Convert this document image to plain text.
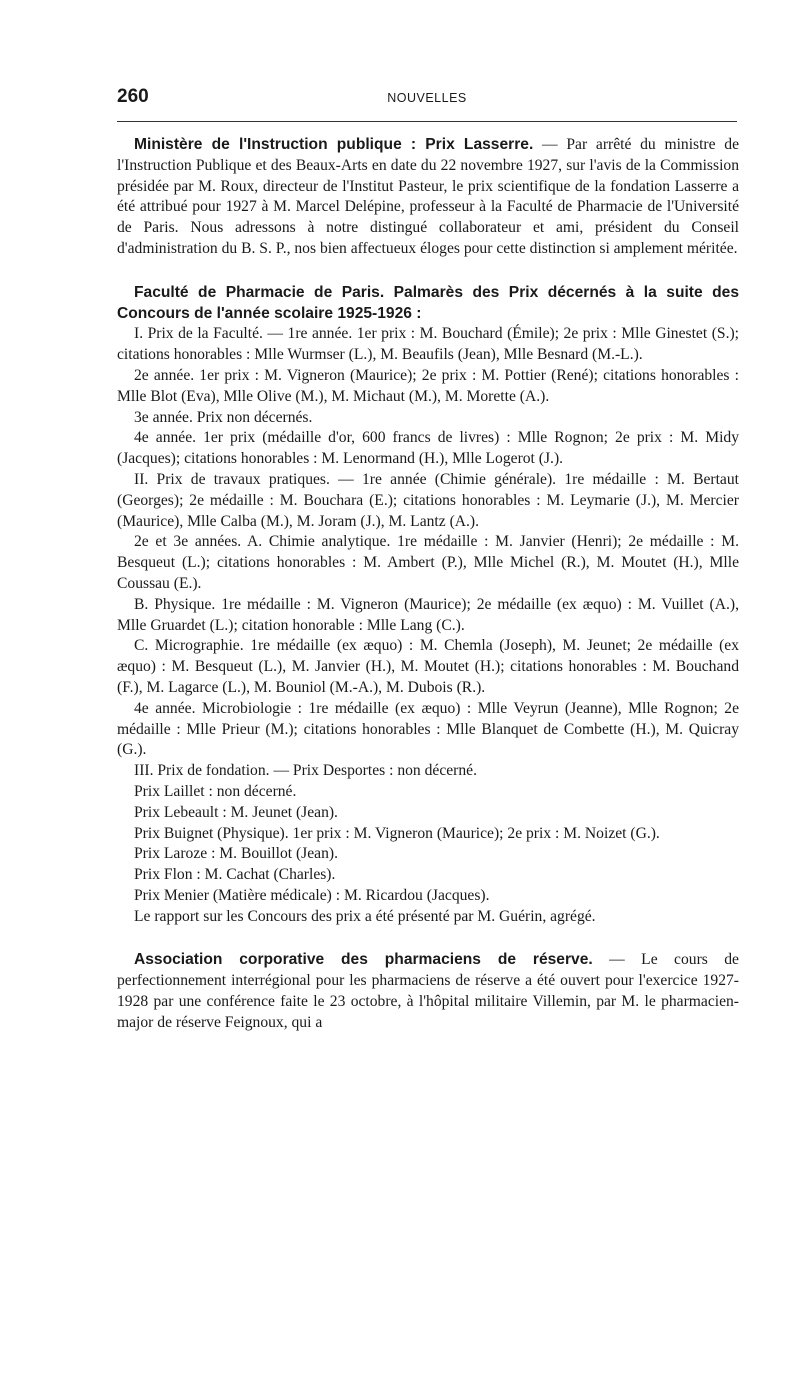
260	NOUVELLES

Ministère de l'Instruction publique : Prix Lasserre. — Par arrêté du ministre de l'Instruction Publique et des Beaux-Arts en date du 22 novembre 1927, sur l'avis de la Commission présidée par M. Roux, directeur de l'Institut Pasteur, le prix scientifique de la fondation Lasserre a été attribué pour 1927 à M. Marcel Delépine, professeur à la Faculté de Pharmacie de l'Université de Paris. Nous adressons à notre distingué collaborateur et ami, président du Conseil d'administration du B. S. P., nos bien affectueux éloges pour cette distinction si amplement méritée.

Faculté de Pharmacie de Paris. Palmarès des Prix décernés à la suite des Concours de l'année scolaire 1925-1926 :

I. Prix de la Faculté. — 1re année. 1er prix : M. Bouchard (Émile); 2e prix : Mlle Ginestet (S.); citations honorables : Mlle Wurmser (L.), M. Beaufils (Jean), Mlle Besnard (M.-L.).

2e année. 1er prix : M. Vigneron (Maurice); 2e prix : M. Pottier (René); citations honorables : Mlle Blot (Eva), Mlle Olive (M.), M. Michaut (M.), M. Morette (A.).

3e année. Prix non décernés.

4e année. 1er prix (médaille d'or, 600 francs de livres) : Mlle Rognon; 2e prix : M. Midy (Jacques); citations honorables : M. Lenormand (H.), Mlle Logerot (J.).

II. Prix de travaux pratiques. — 1re année (Chimie générale). 1re médaille : M. Bertaut (Georges); 2e médaille : M. Bouchara (E.); citations honorables : M. Leymarie (J.), M. Mercier (Maurice), Mlle Calba (M.), M. Joram (J.), M. Lantz (A.).

2e et 3e années. A. Chimie analytique. 1re médaille : M. Janvier (Henri); 2e médaille : M. Besqueut (L.); citations honorables : M. Ambert (P.), Mlle Michel (R.), M. Moutet (H.), Mlle Coussau (E.).

B. Physique. 1re médaille : M. Vigneron (Maurice); 2e médaille (ex æquo) : M. Vuillet (A.), Mlle Gruardet (L.); citation honorable : Mlle Lang (C.).

C. Micrographie. 1re médaille (ex æquo) : M. Chemla (Joseph), M. Jeunet; 2e médaille (ex æquo) : M. Besqueut (L.), M. Janvier (H.), M. Moutet (H.); citations honorables : M. Bouchand (F.), M. Lagarce (L.), M. Bouniol (M.-A.), M. Dubois (R.).

4e année. Microbiologie : 1re médaille (ex æquo) : Mlle Veyrun (Jeanne), Mlle Rognon; 2e médaille : Mlle Prieur (M.); citations honorables : Mlle Blanquet de Combette (H.), M. Quicray (G.).

III. Prix de fondation. — Prix Desportes : non décerné.

Prix Laillet : non décerné.

Prix Lebeault : M. Jeunet (Jean).

Prix Buignet (Physique). 1er prix : M. Vigneron (Maurice); 2e prix : M. Noizet (G.).

Prix Laroze : M. Bouillot (Jean).

Prix Flon : M. Cachat (Charles).

Prix Menier (Matière médicale) : M. Ricardou (Jacques).

Le rapport sur les Concours des prix a été présenté par M. Guérin, agrégé.

Association corporative des pharmaciens de réserve. — Le cours de perfectionnement interrégional pour les pharmaciens de réserve a été ouvert pour l'exercice 1927-1928 par une conférence faite le 23 octobre, à l'hôpital militaire Villemin, par M. le pharmacien-major de réserve Feignoux, qui a
